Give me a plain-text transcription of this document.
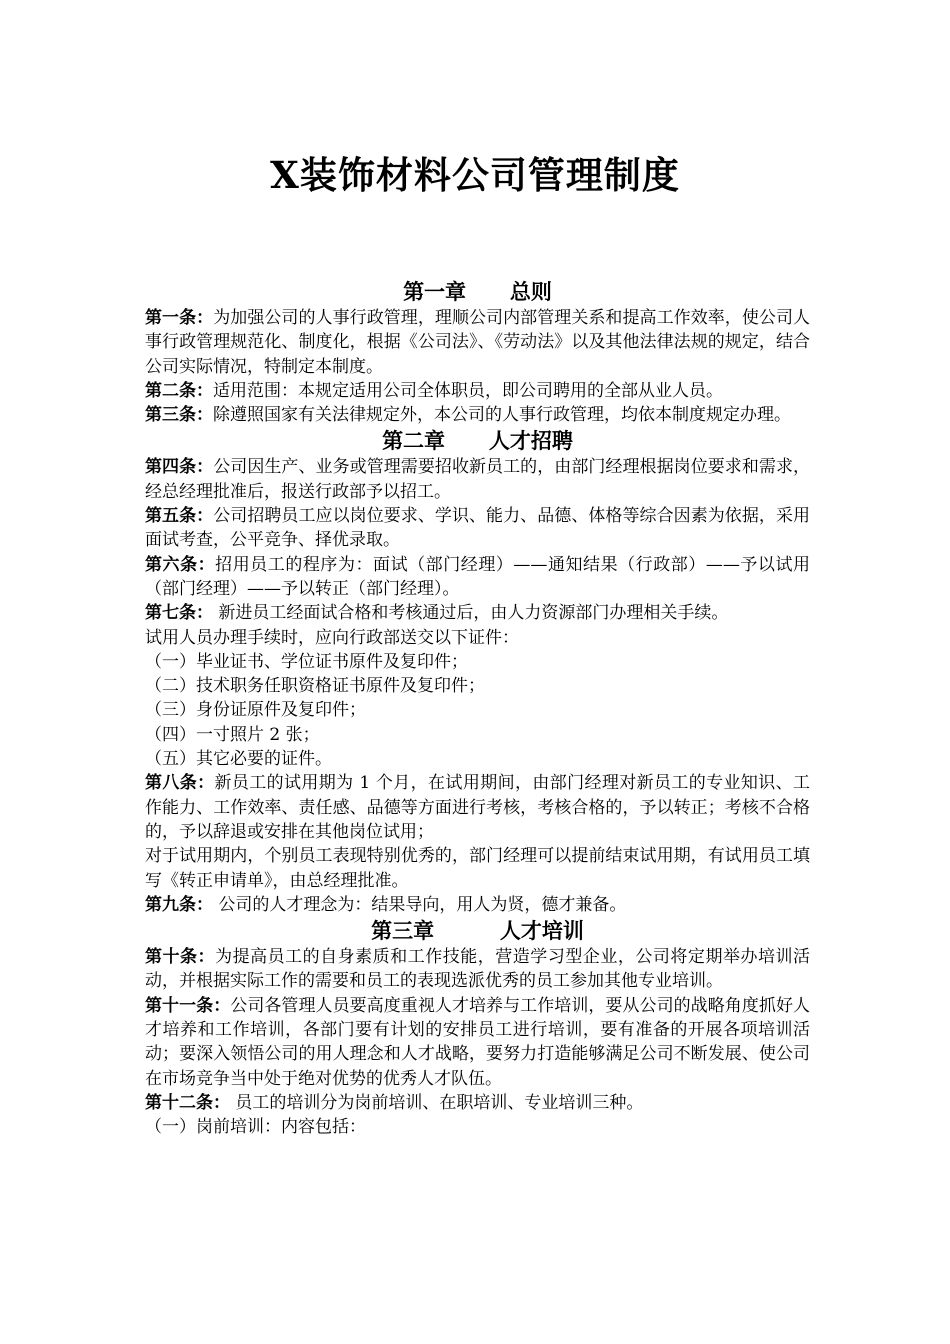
X装饰材料公司管理制度
第一章      总则

第一条：为加强公司的人事行政管理，理顺公司内部管理关系和提高工作效率，使公司人事行政管理规范化、制度化，根据《公司法》、《劳动法》以及其他法律法规的规定，结合公司实际情况，特制定本制度。

第二条：适用范围：本规定适用公司全体职员，即公司聘用的全部从业人员。

第三条：除遵照国家有关法律规定外，本公司的人事行政管理，均依本制度规定办理。

第二章      人才招聘

第四条：公司因生产、业务或管理需要招收新员工的，由部门经理根据岗位要求和需求，经总经理批准后，报送行政部予以招工。

第五条：公司招聘员工应以岗位要求、学识、能力、品德、体格等综合因素为依据，采用面试考查，公平竞争、择优录取。

第六条：招用员工的程序为：面试（部门经理）——通知结果（行政部）——予以试用（部门经理）——予以转正（部门经理）。

第七条： 新进员工经面试合格和考核通过后，由人力资源部门办理相关手续。

试用人员办理手续时，应向行政部送交以下证件：

（一）毕业证书、学位证书原件及复印件；

（二）技术职务任职资格证书原件及复印件；

（三）身份证原件及复印件；

（四）一寸照片 2 张；

（五）其它必要的证件。

第八条：新员工的试用期为 1 个月，在试用期间，由部门经理对新员工的专业知识、工作能力、工作效率、责任感、品德等方面进行考核，考核合格的，予以转正；考核不合格的，予以辞退或安排在其他岗位试用；

对于试用期内，个别员工表现特别优秀的，部门经理可以提前结束试用期，有试用员工填写《转正申请单》，由总经理批准。

第九条： 公司的人才理念为：结果导向，用人为贤，德才兼备。

第三章         人才培训

第十条：为提高员工的自身素质和工作技能，营造学习型企业，公司将定期举办培训活动，并根据实际工作的需要和员工的表现选派优秀的员工参加其他专业培训。

第十一条：公司各管理人员要高度重视人才培养与工作培训，要从公司的战略角度抓好人才培养和工作培训，各部门要有计划的安排员工进行培训，要有准备的开展各项培训活动；要深入领悟公司的用人理念和人才战略，要努力打造能够满足公司不断发展、使公司在市场竞争当中处于绝对优势的优秀人才队伍。

第十二条： 员工的培训分为岗前培训、在职培训、专业培训三种。

（一）岗前培训：内容包括：
